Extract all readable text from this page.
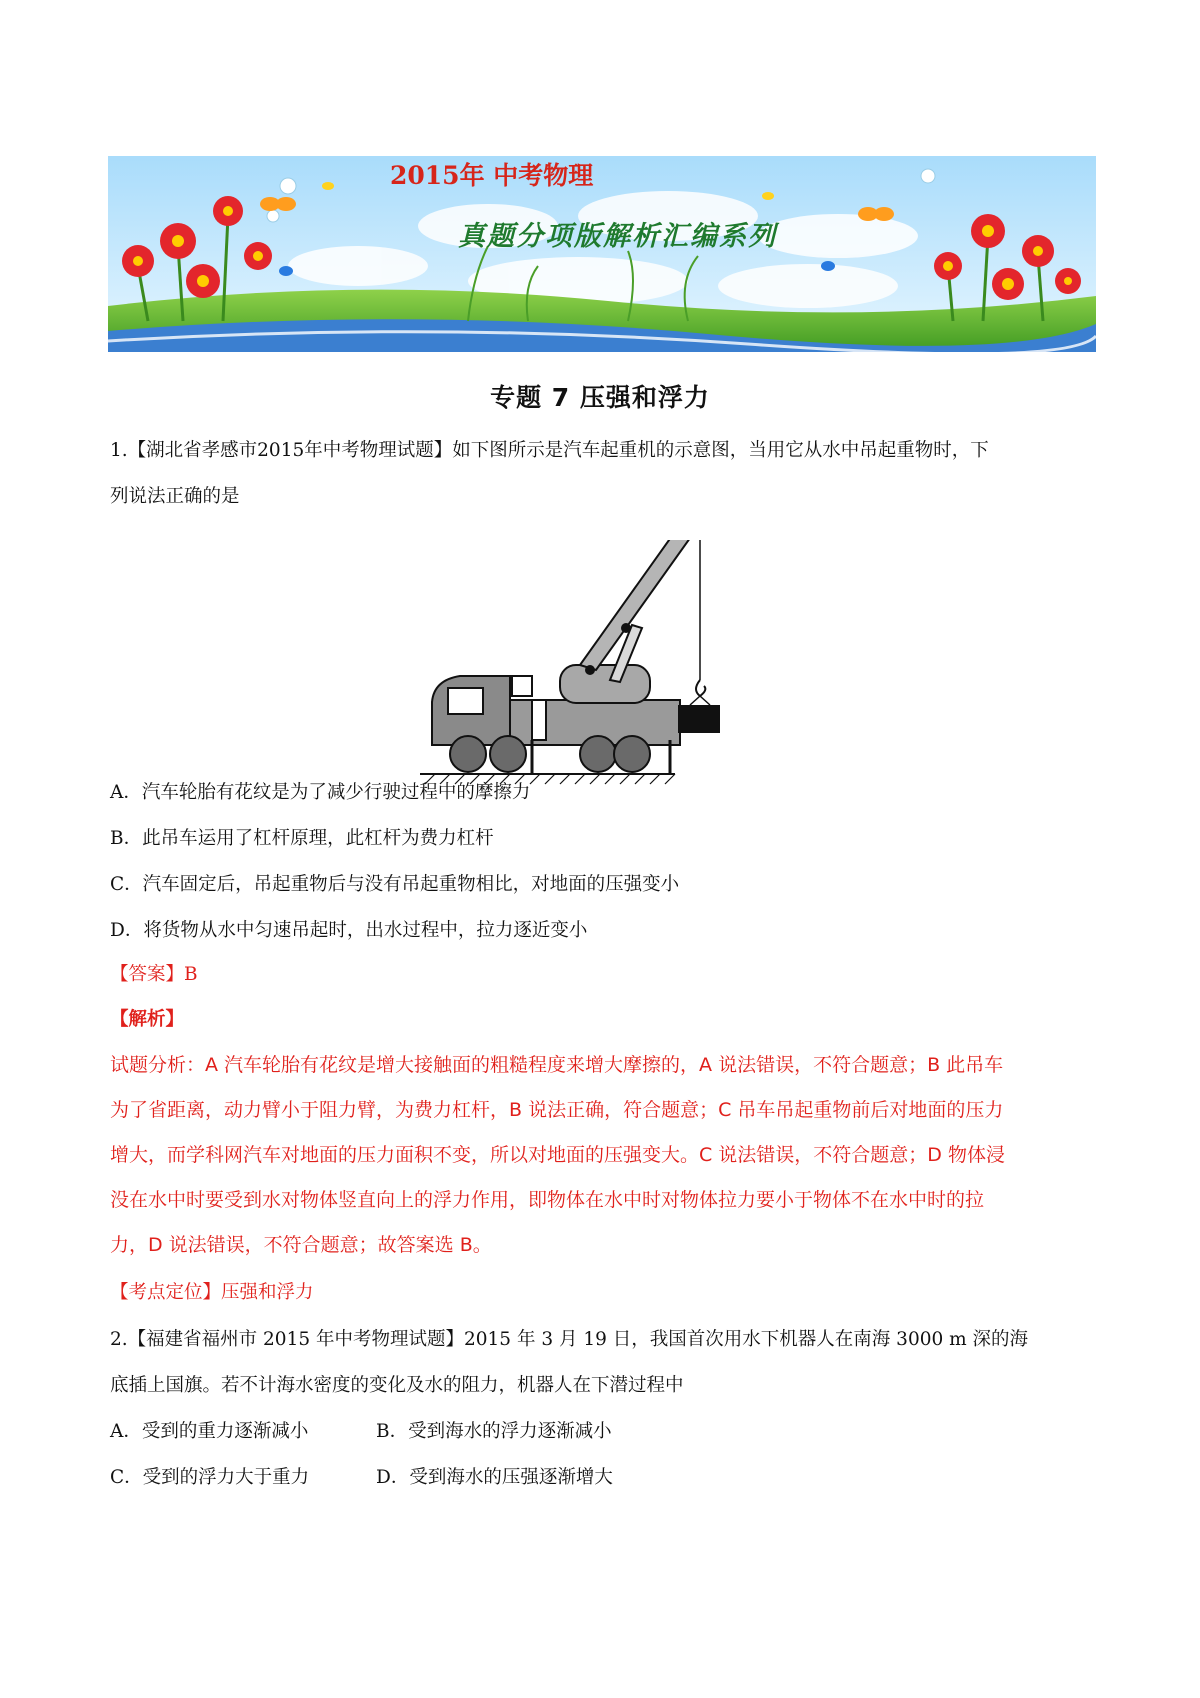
2015年 中考物理
真题分项版解析汇编系列
专题 7 压强和浮力
1.【湖北省孝感市2015年中考物理试题】如下图所示是汽车起重机的示意图，当用它从水中吊起重物时，下
列说法正确的是
A．汽车轮胎有花纹是为了减少行驶过程中的摩擦力
B．此吊车运用了杠杆原理，此杠杆为费力杠杆
C．汽车固定后，吊起重物后与没有吊起重物相比，对地面的压强变小
D．将货物从水中匀速吊起时，出水过程中，拉力逐近变小
【答案】B
【解析】
试题分析：A 汽车轮胎有花纹是增大接触面的粗糙程度来增大摩擦的，A 说法错误，不符合题意；B 此吊车
为了省距离，动力臂小于阻力臂，为费力杠杆，B 说法正确，符合题意；C 吊车吊起重物前后对地面的压力
增大，而学科网汽车对地面的压力面积不变，所以对地面的压强变大。C 说法错误，不符合题意；D 物体浸
没在水中时要受到水对物体竖直向上的浮力作用，即物体在水中时对物体拉力要小于物体不在水中时的拉
力，D 说法错误，不符合题意；故答案选 B。
【考点定位】压强和浮力
2.【福建省福州市 2015 年中考物理试题】2015 年 3 月 19 日，我国首次用水下机器人在南海 3000 m 深的海
底插上国旗。若不计海水密度的变化及水的阻力，机器人在下潜过程中
A．受到的重力逐渐减小	B．受到海水的浮力逐渐减小
C．受到的浮力大于重力	D．受到海水的压强逐渐增大
